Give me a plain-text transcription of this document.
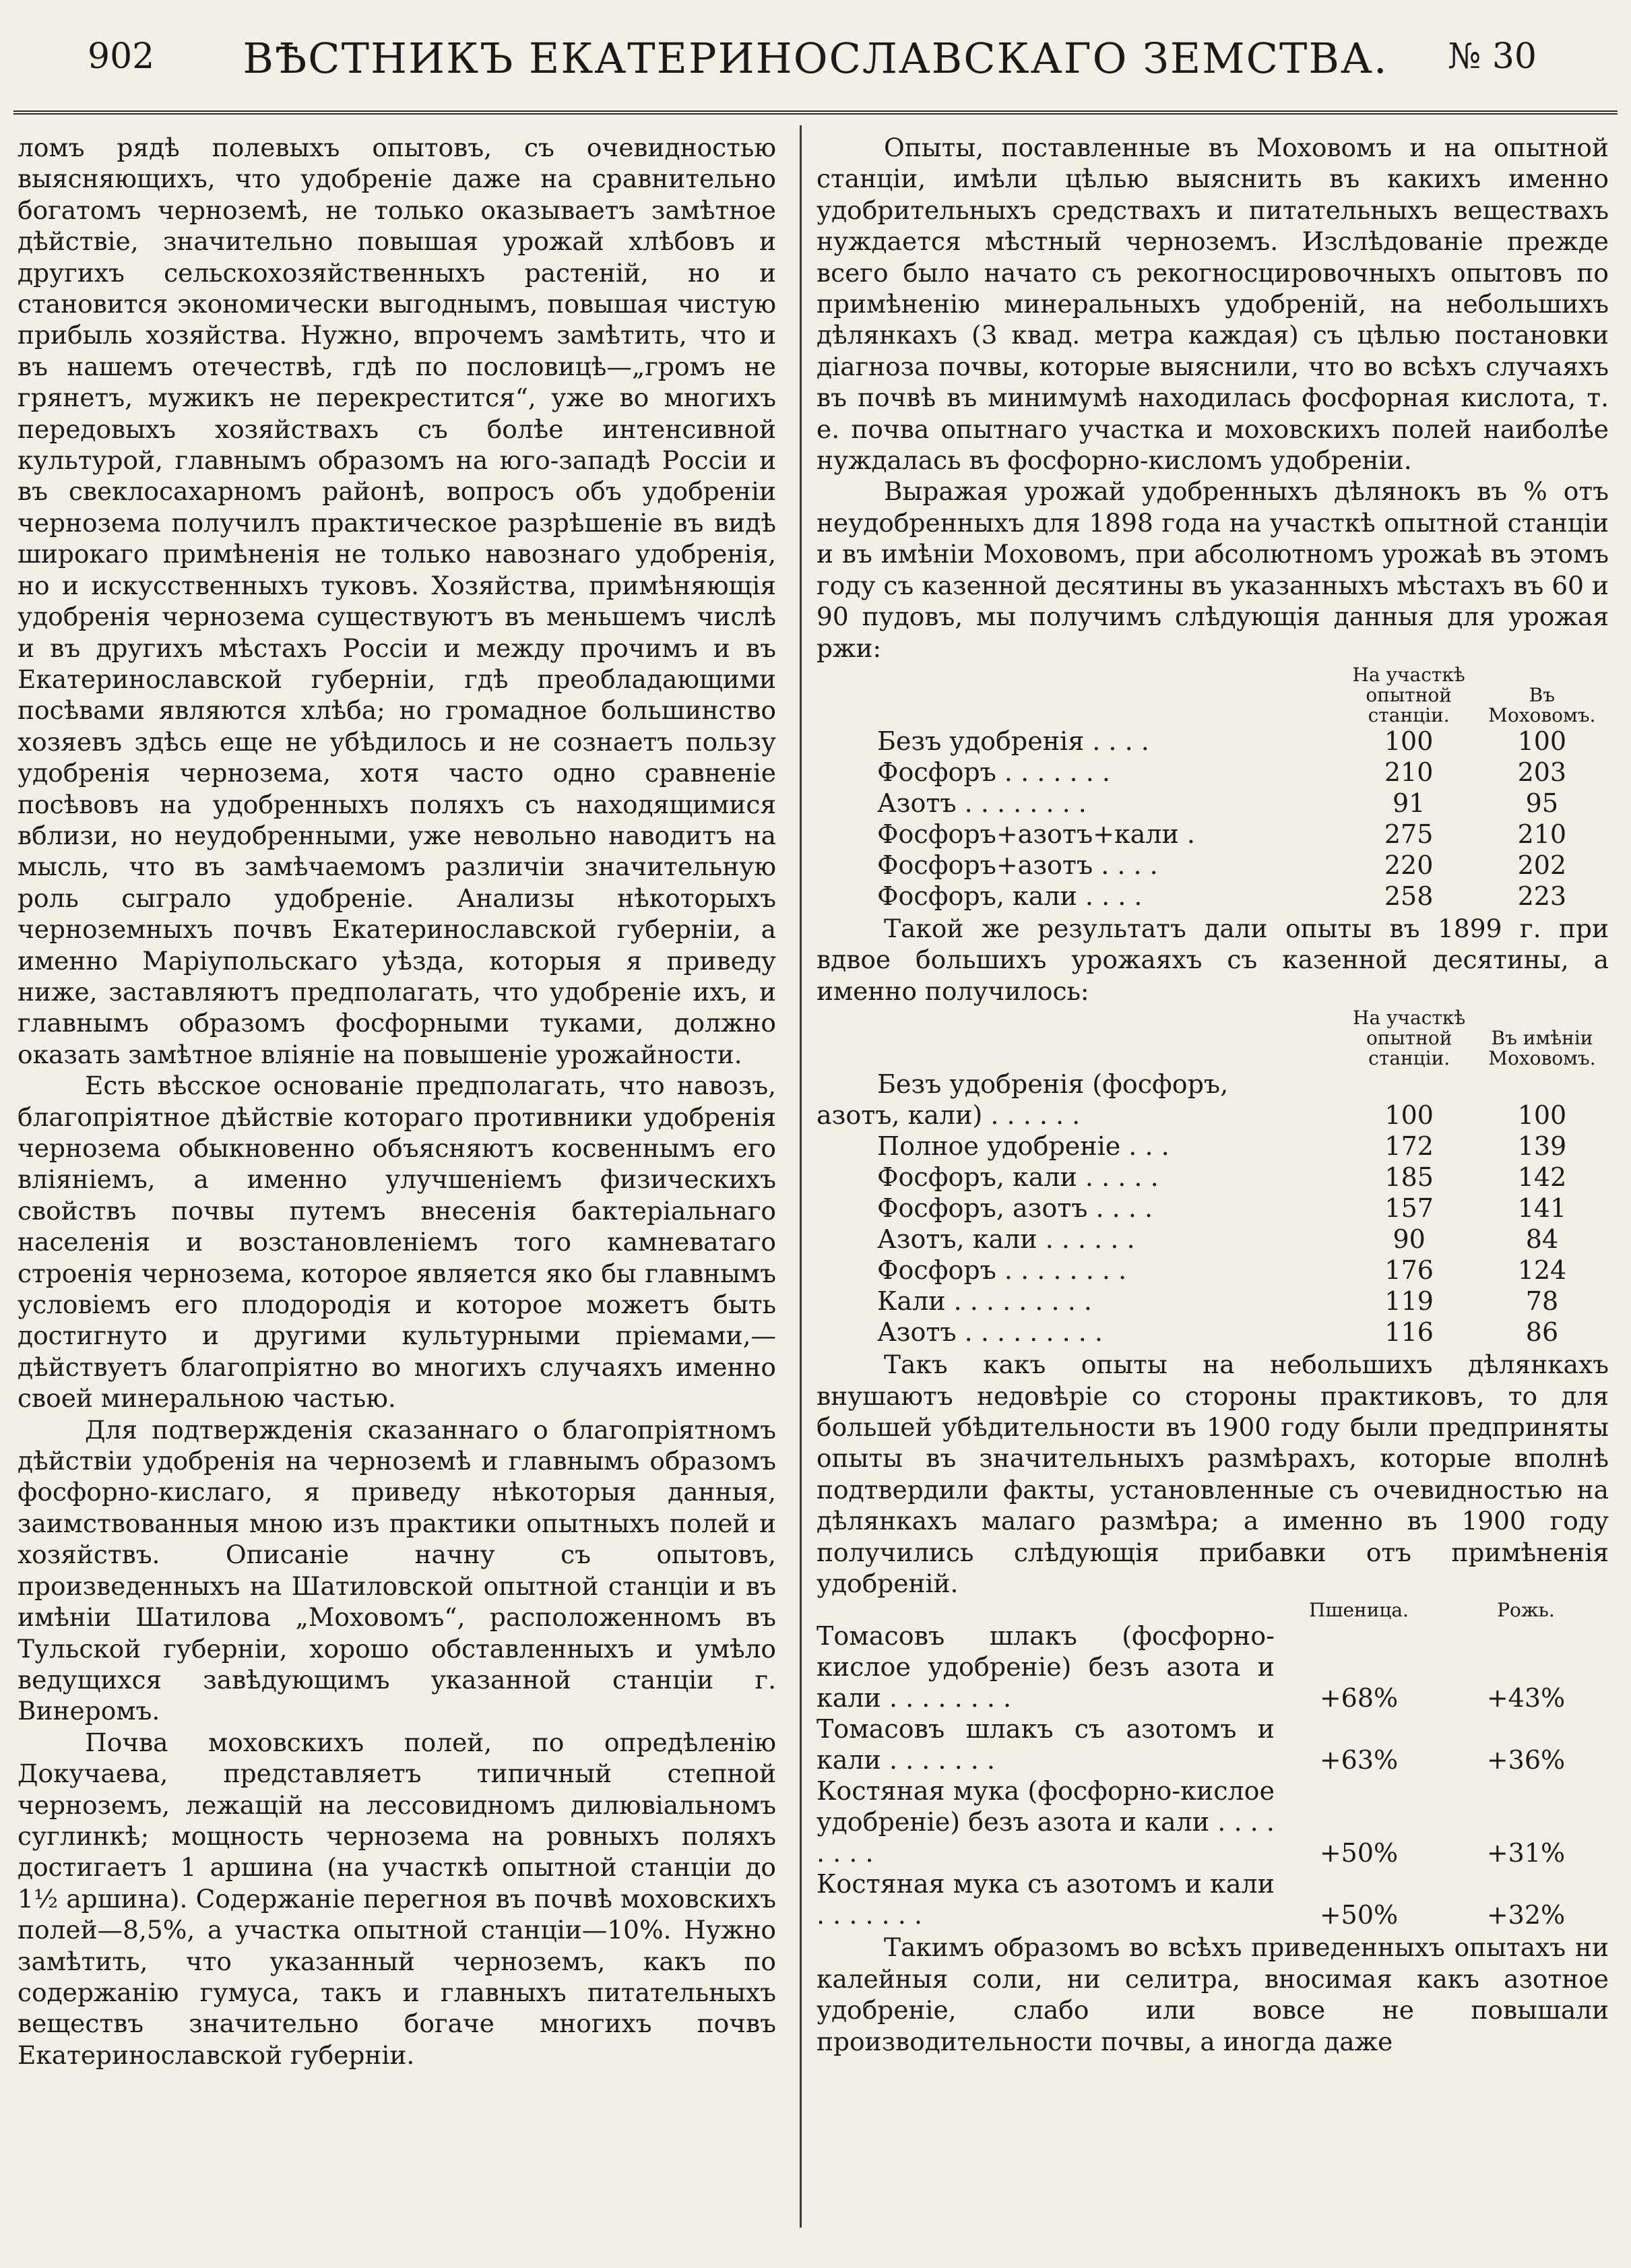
902	ВѢСТНИКЪ ЕКАТЕРИНОСЛАВСКАГО ЗЕМСТВА.	№ 30

ломъ рядѣ полевыхъ опытовъ, съ очевидностью выясняющихъ, что удобреніе даже на сравнительно богатомъ черноземѣ, не только оказываетъ замѣтное дѣйствіе, значительно повышая урожай хлѣбовъ и другихъ сельскохозяйственныхъ растеній, но и становится экономически выгоднымъ, повышая чистую прибыль хозяйства. Нужно, впрочемъ замѣтить, что и въ нашемъ отечествѣ, гдѣ по пословицѣ—„громъ не грянетъ, мужикъ не перекрестится“, уже во многихъ передовыхъ хозяйствахъ съ болѣе интенсивной культурой, главнымъ образомъ на юго-западѣ Россіи и въ свеклосахарномъ районѣ, вопросъ объ удобреніи чернозема получилъ практическое разрѣшеніе въ видѣ широкаго примѣненія не только навознаго удобренія, но и искусственныхъ туковъ. Хозяйства, примѣняющія удобренія чернозема существуютъ въ меньшемъ числѣ и въ другихъ мѣстахъ Россіи и между прочимъ и въ Екатеринославской губерніи, гдѣ преобладающими посѣвами являются хлѣба; но громадное большинство хозяевъ здѣсь еще не убѣдилось и не сознаетъ пользу удобренія чернозема, хотя часто одно сравненіе посѣвовъ на удобренныхъ поляхъ съ находящимися вблизи, но неудобренными, уже невольно наводитъ на мысль, что въ замѣчаемомъ различіи значительную роль сыграло удобреніе. Анализы нѣкоторыхъ черноземныхъ почвъ Екатеринославской губерніи, а именно Маріупольскаго уѣзда, которыя я приведу ниже, заставляютъ предполагать, что удобреніе ихъ, и главнымъ образомъ фосфорными туками, должно оказать замѣтное вліяніе на повышеніе урожайности.

Есть вѣсское основаніе предполагать, что навозъ, благопріятное дѣйствіе котораго противники удобренія чернозема обыкновенно объясняютъ косвеннымъ его вліяніемъ, а именно улучшеніемъ физическихъ свойствъ почвы путемъ внесенія бактеріальнаго населенія и возстановленіемъ того камневатаго строенія чернозема, которое является яко бы главнымъ условіемъ его плодородія и которое можетъ быть достигнуто и другими культурными пріемами,—дѣйствуетъ благопріятно во многихъ случаяхъ именно своей минеральною частью.

Для подтвержденія сказаннаго о благопріятномъ дѣйствіи удобренія на черноземѣ и главнымъ образомъ фосфорно-кислаго, я приведу нѣкоторыя данныя, заимствованныя мною изъ практики опытныхъ полей и хозяйствъ. Описаніе начну съ опытовъ, произведенныхъ на Шатиловской опытной станціи и въ имѣніи Шатилова „Моховомъ“, расположенномъ въ Тульской губерніи, хорошо обставленныхъ и умѣло ведущихся завѣдующимъ указанной станціи г. Винеромъ.

Почва моховскихъ полей, по опредѣленію Докучаева, представляетъ типичный степной черноземъ, лежащій на лессовидномъ дилювіальномъ суглинкѣ; мощность чернозема на ровныхъ поляхъ достигаетъ 1 аршина (на участкѣ опытной станціи до 1½ аршина). Содержаніе перегноя въ почвѣ моховскихъ полей—8,5%, а участка опытной станціи—10%. Нужно замѣтить, что указанный черноземъ, какъ по содержанію гумуса, такъ и главныхъ питательныхъ веществъ значительно богаче многихъ почвъ Екатеринославской губерніи.

Опыты, поставленные въ Моховомъ и на опытной станціи, имѣли цѣлью выяснить въ какихъ именно удобрительныхъ средствахъ и питательныхъ веществахъ нуждается мѣстный черноземъ. Изслѣдованіе прежде всего было начато съ рекогносцировочныхъ опытовъ по примѣненію минеральныхъ удобреній, на небольшихъ дѣлянкахъ (3 квад. метра каждая) съ цѣлью постановки діагноза почвы, которые выяснили, что во всѣхъ случаяхъ въ почвѣ въ минимумѣ находилась фосфорная кислота, т. е. почва опытнаго участка и моховскихъ полей наиболѣе нуждалась въ фосфорно-кисломъ удобреніи.

Выражая урожай удобренныхъ дѣлянокъ въ % отъ неудобренныхъ для 1898 года на участкѣ опытной станціи и въ имѣніи Моховомъ, при абсолютномъ урожаѣ въ этомъ году съ казенной десятины въ указанныхъ мѣстахъ въ 60 и 90 пудовъ, мы получимъ слѣдующія данныя для урожая ржи:

	На участкѣ опытной станціи.	Въ Моховомъ.
Безъ удобренія . . . .	100	100
Фосфоръ . . . . . . .	210	203
Азотъ . . . . . . . .	91	95
Фосфоръ+азотъ+кали .	275	210
Фосфоръ+азотъ . . . .	220	202
Фосфоръ, кали . . . .	258	223

Такой же результатъ дали опыты въ 1899 г. при вдвое большихъ урожаяхъ съ казенной десятины, а именно получилось:

	На участкѣ опытной станціи.	Въ имѣніи Моховомъ.
Безъ удобренія (фосфоръ,		
азотъ, кали) . . . . . .	100	100
Полное удобреніе . . .	172	139
Фосфоръ, кали . . . . .	185	142
Фосфоръ, азотъ . . . .	157	141
Азотъ, кали . . . . . .	90	84
Фосфоръ . . . . . . . .	176	124
Кали . . . . . . . . .	119	78
Азотъ . . . . . . . . .	116	86

Такъ какъ опыты на небольшихъ дѣлянкахъ внушаютъ недовѣріе со стороны практиковъ, то для большей убѣдительности въ 1900 году были предприняты опыты въ значительныхъ размѣрахъ, которые вполнѣ подтвердили факты, установленные съ очевидностью на дѣлянкахъ малаго размѣра; а именно въ 1900 году получились слѣдующія прибавки отъ примѣненія удобреній.

	Пшеница.	Рожь.
Томасовъ шлакъ (фосфорно-кислое удобреніе) безъ азота и кали . . . . . . . .	+68%	+43%
Томасовъ шлакъ съ азотомъ и кали . . . . . . .	+63%	+36%
Костяная мука (фосфорно-кислое удобреніе) безъ азота и кали . . . . . . . .	+50%	+31%
Костяная мука съ азотомъ и кали . . . . . . .	+50%	+32%

Такимъ образомъ во всѣхъ приведенныхъ опытахъ ни калейныя соли, ни селитра, вносимая какъ азотное удобреніе, слабо или вовсе не повышали производительности почвы, а иногда даже
